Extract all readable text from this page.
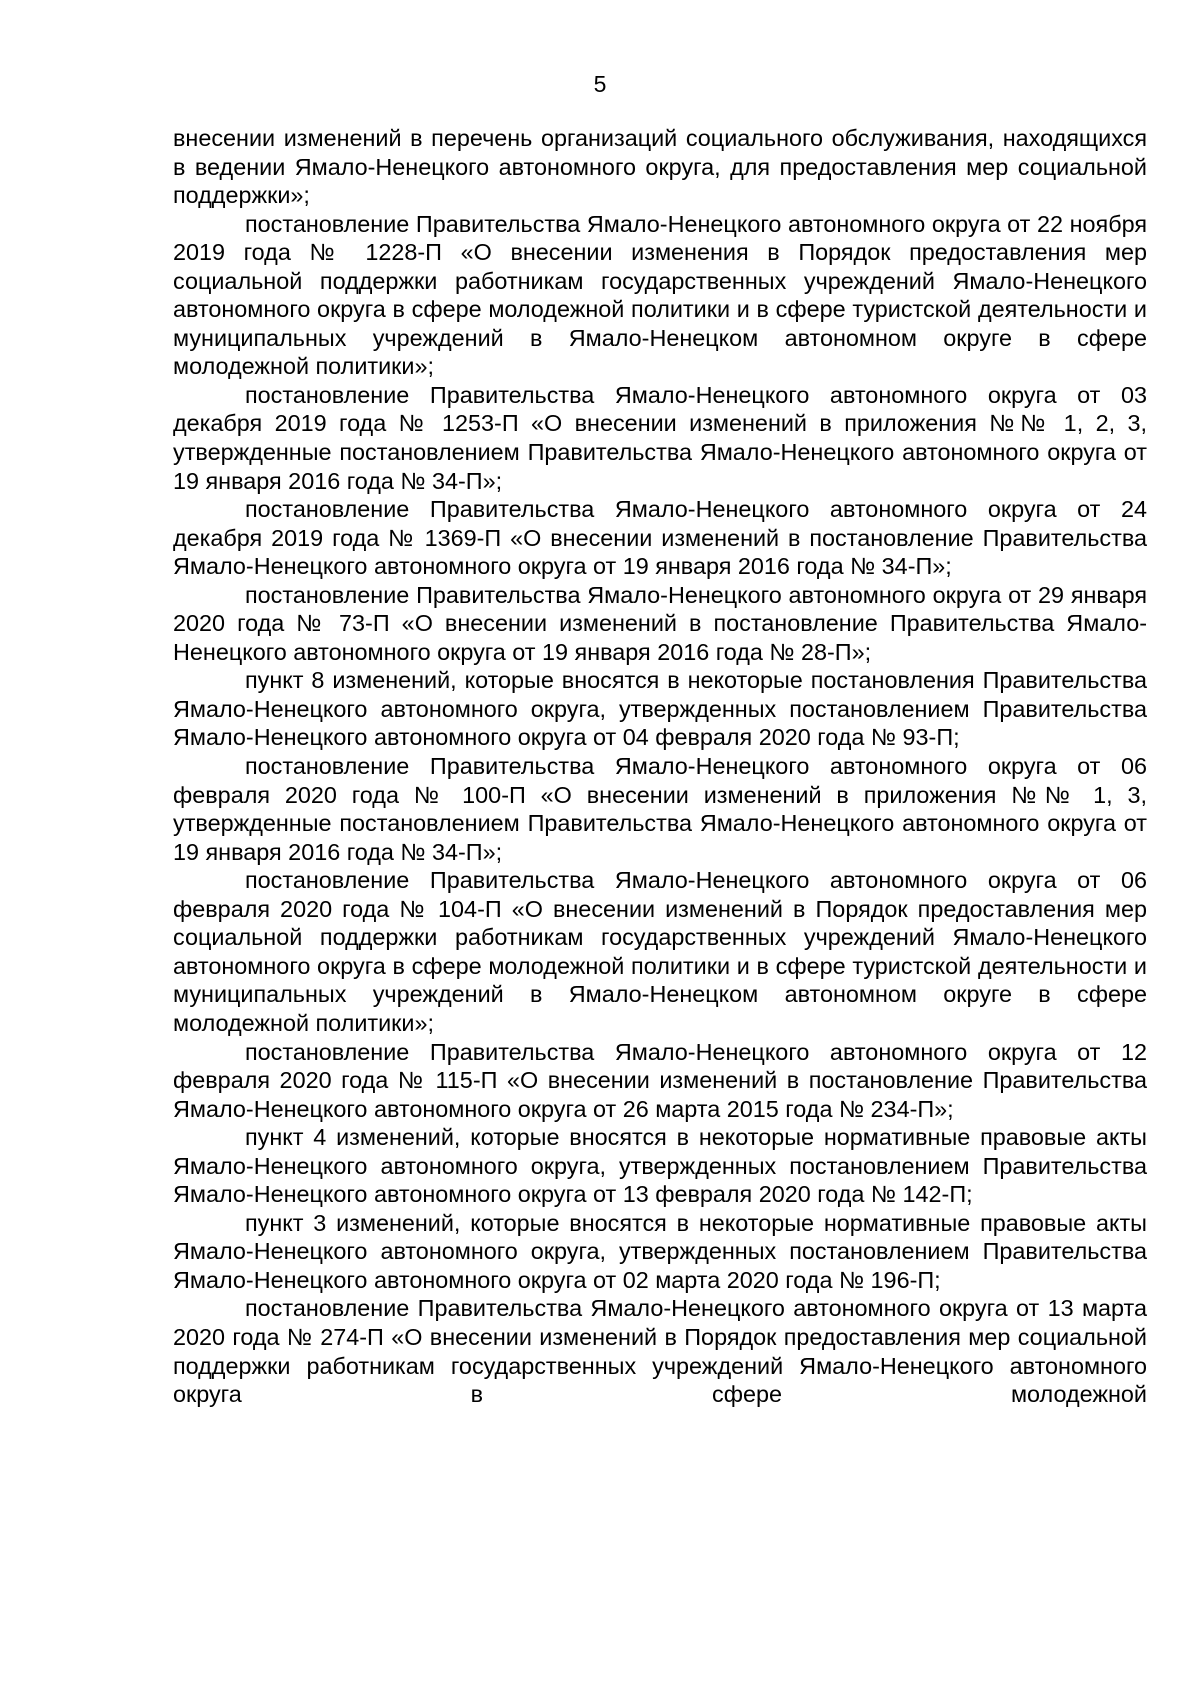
5

внесении изменений в перечень организаций социального обслуживания, находящихся в ведении Ямало-Ненецкого автономного округа, для предоставления мер социальной поддержки»;

постановление Правительства Ямало-Ненецкого автономного округа от 22 ноября 2019 года № 1228-П «О внесении изменения в Порядок предоставления мер социальной поддержки работникам государственных учреждений Ямало-Ненецкого автономного округа в сфере молодежной политики и в сфере туристской деятельности и муниципальных учреждений в Ямало-Ненецком автономном округе в сфере молодежной политики»;

постановление Правительства Ямало-Ненецкого автономного округа от 03 декабря 2019 года № 1253-П «О внесении изменений в приложения №№ 1, 2, 3, утвержденные постановлением Правительства Ямало-Ненецкого автономного округа от 19 января 2016 года № 34-П»;

постановление Правительства Ямало-Ненецкого автономного округа от 24 декабря 2019 года № 1369-П «О внесении изменений в постановление Правительства Ямало-Ненецкого автономного округа от 19 января 2016 года № 34-П»;

постановление Правительства Ямало-Ненецкого автономного округа от 29 января 2020 года № 73-П «О внесении изменений в постановление Правительства Ямало-Ненецкого автономного округа от 19 января 2016 года № 28-П»;

пункт 8 изменений, которые вносятся в некоторые постановления Правительства Ямало-Ненецкого автономного округа, утвержденных постановлением Правительства Ямало-Ненецкого автономного округа от 04 февраля 2020 года № 93-П;

постановление Правительства Ямало-Ненецкого автономного округа от 06 февраля 2020 года № 100-П «О внесении изменений в приложения №№ 1, 3, утвержденные постановлением Правительства Ямало-Ненецкого автономного округа от 19 января 2016 года № 34-П»;

постановление Правительства Ямало-Ненецкого автономного округа от 06 февраля 2020 года № 104-П «О внесении изменений в Порядок предоставления мер социальной поддержки работникам государственных учреждений Ямало-Ненецкого автономного округа в сфере молодежной политики и в сфере туристской деятельности и муниципальных учреждений в Ямало-Ненецком автономном округе в сфере молодежной политики»;

постановление Правительства Ямало-Ненецкого автономного округа от 12 февраля 2020 года № 115-П «О внесении изменений в постановление Правительства Ямало-Ненецкого автономного округа от 26 марта 2015 года № 234-П»;

пункт 4 изменений, которые вносятся в некоторые нормативные правовые акты Ямало-Ненецкого автономного округа, утвержденных постановлением Правительства Ямало-Ненецкого автономного округа от 13 февраля 2020 года № 142-П;

пункт 3 изменений, которые вносятся в некоторые нормативные правовые акты Ямало-Ненецкого автономного округа, утвержденных постановлением Правительства Ямало-Ненецкого автономного округа от 02 марта 2020 года № 196-П;

постановление Правительства Ямало-Ненецкого автономного округа от 13 марта 2020 года № 274-П «О внесении изменений в Порядок предоставления мер социальной поддержки работникам государственных учреждений Ямало-Ненецкого автономного округа в сфере молодежной
